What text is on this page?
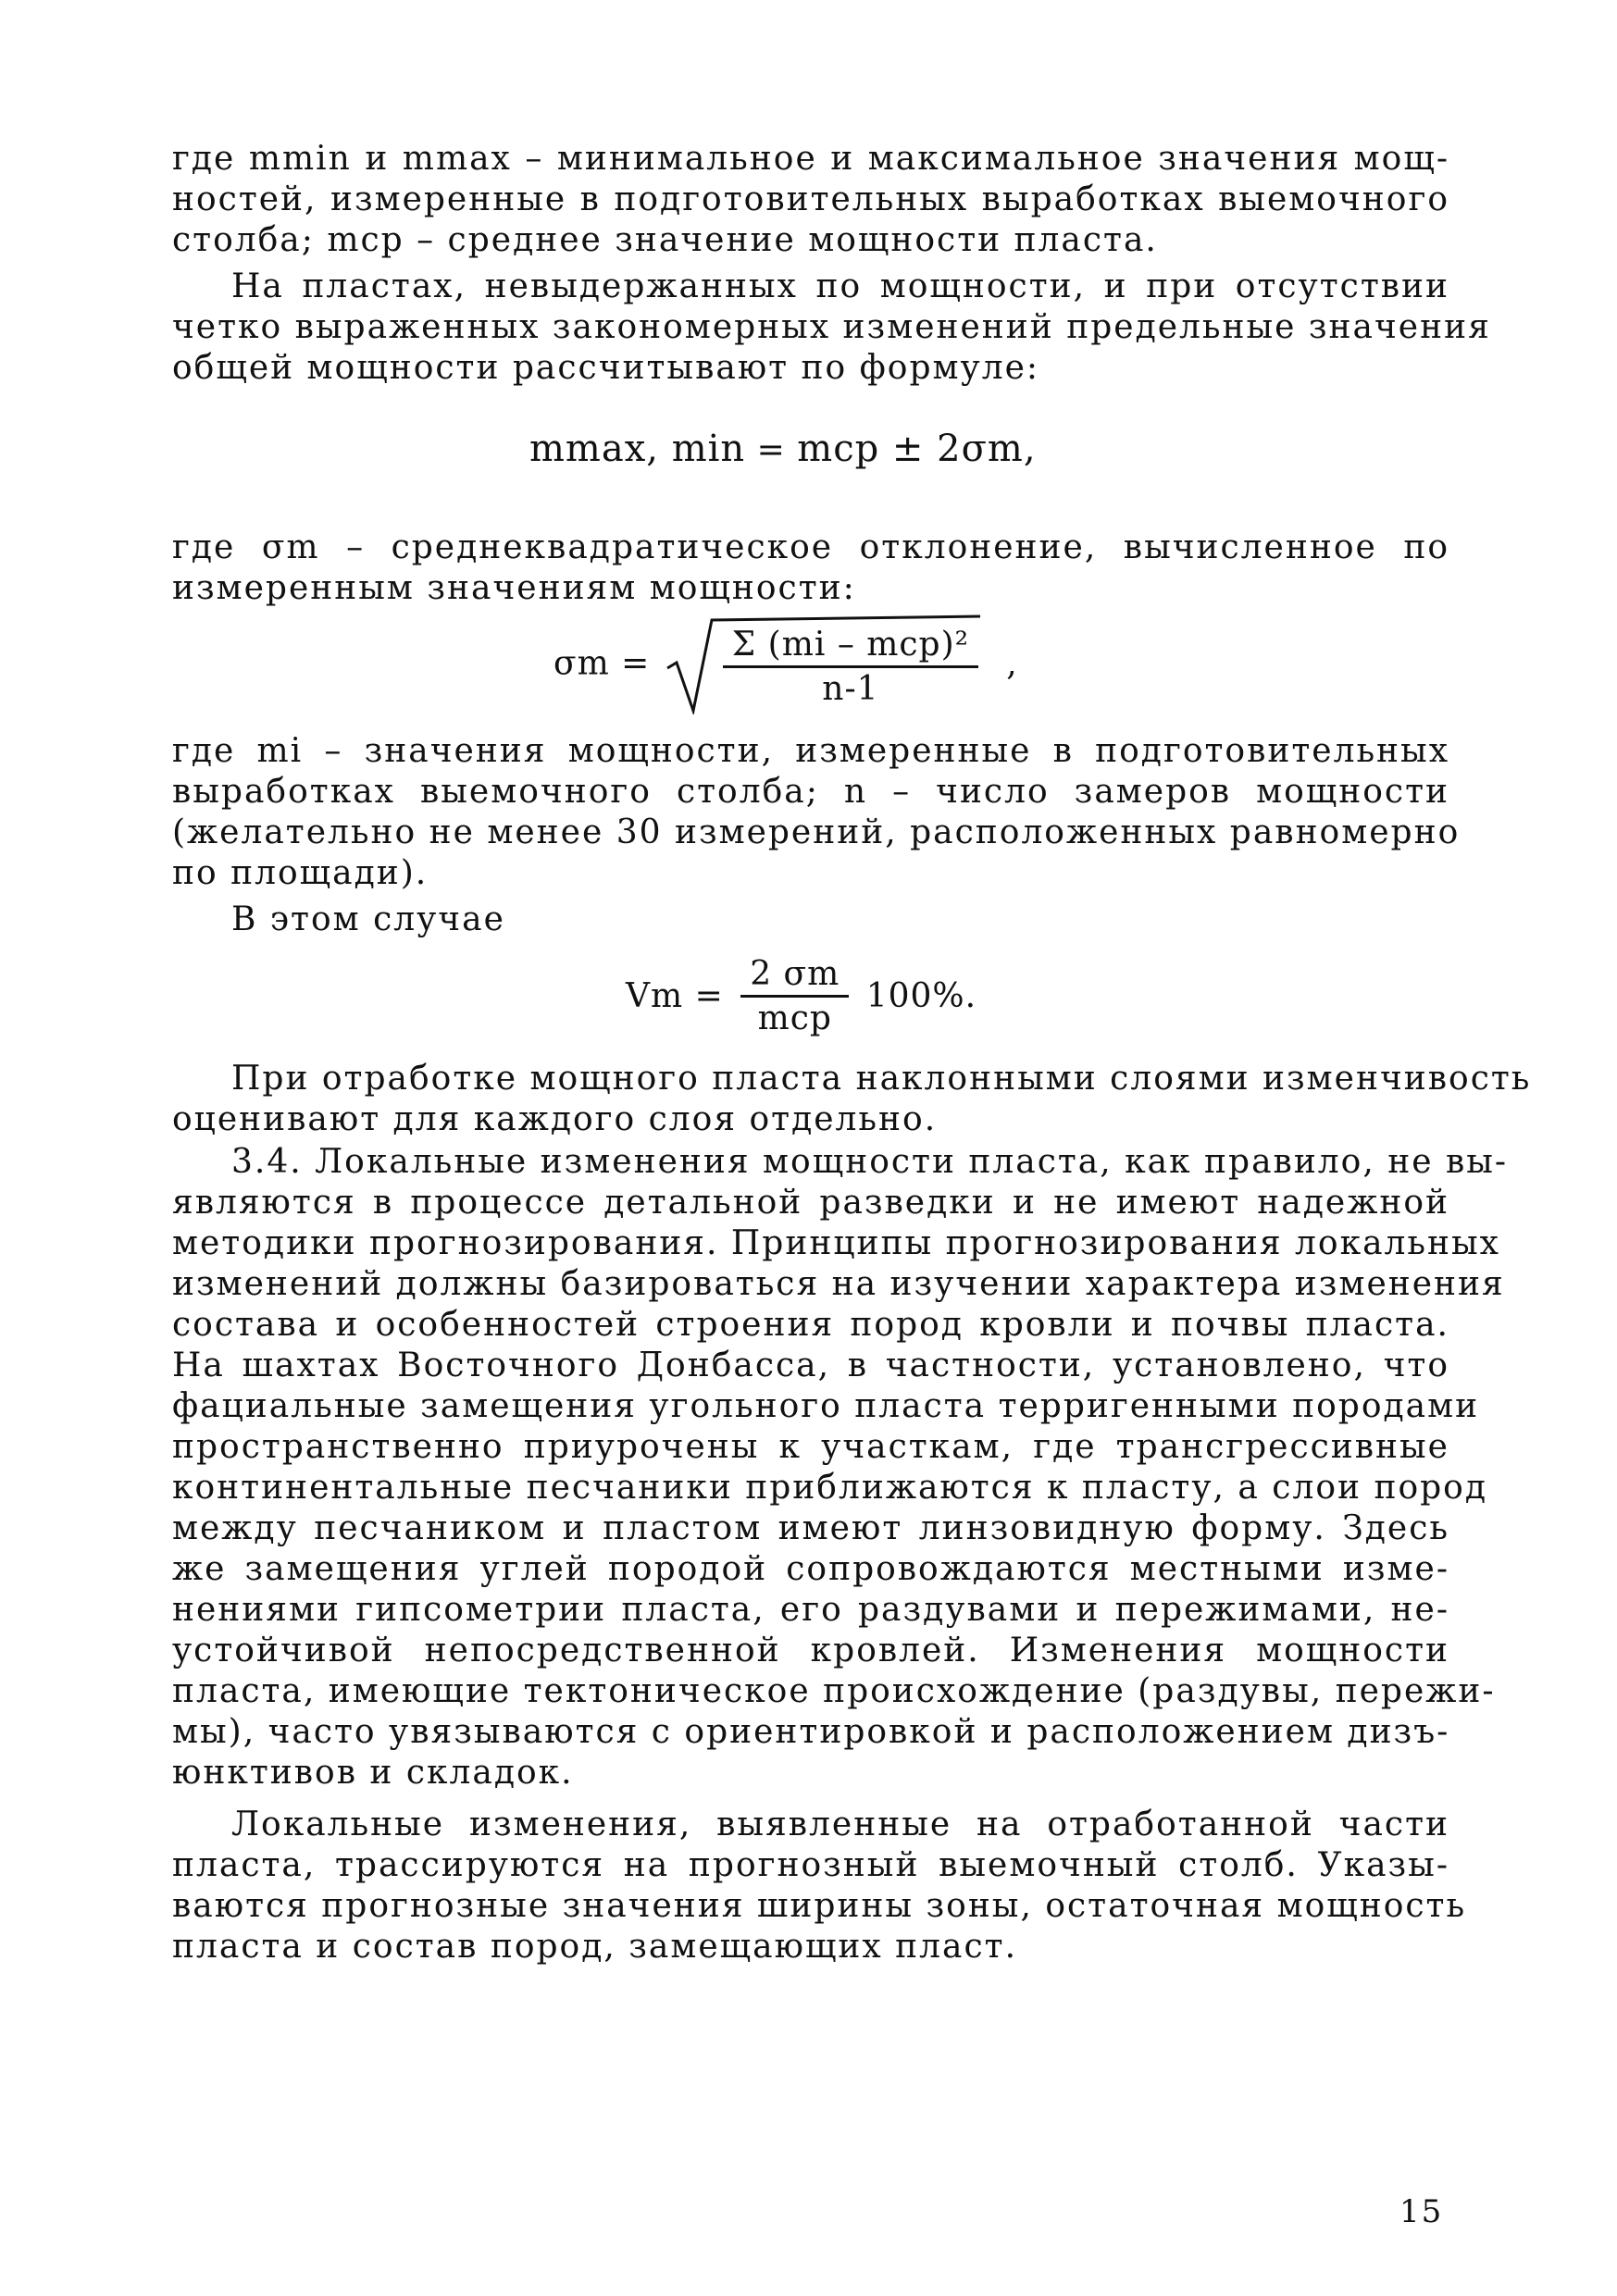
где mmin и mmax – минимальное и максимальное значения мощ-
ностей, измеренные в подготовительных выработках выемочного
столба; mср – среднее значение мощности пласта.
На пластах, невыдержанных по мощности, и при отсутствии
четко выраженных закономерных изменений предельные значения
общей мощности рассчитывают по формуле:
mmax, min = mср ± 2σm,
где σm – среднеквадратическое отклонение, вычисленное по
измеренным значениям мощности:
σm = Σ (mi – mср)²
n-1
,
где mi – значения мощности, измеренные в подготовительных
выработках выемочного столба; n – число замеров мощности
(желательно не менее 30 измерений, расположенных равномерно
по площади).
В этом случае
$Vm = \frac{2 \sigma m}{\text{mср}} 100\%$.
При отработке мощного пласта наклонными слоями изменчивость
оценивают для каждого слоя отдельно.
3.4. Локальные изменения мощности пласта, как правило, не вы-
являются в процессе детальной разведки и не имеют надежной
методики прогнозирования. Принципы прогнозирования локальных
изменений должны базироваться на изучении характера изменения
состава и особенностей строения пород кровли и почвы пласта.
На шахтах Восточного Донбасса, в частности, установлено, что
фациальные замещения угольного пласта терригенными породами
пространственно приурочены к участкам, где трансгрессивные
континентальные песчаники приближаются к пласту, а слои пород
между песчаником и пластом имеют линзовидную форму. Здесь
же замещения углей породой сопровождаются местными изме-
нениями гипсометрии пласта, его раздувами и пережимами, не-
устойчивой непосредственной кровлей. Изменения мощности
пласта, имеющие тектоническое происхождение (раздувы, пережи-
мы), часто увязываются с ориентировкой и расположением дизъ-
юнктивов и складок.
Локальные изменения, выявленные на отработанной части
пласта, трассируются на прогнозный выемочный столб. Указы-
ваются прогнозные значения ширины зоны, остаточная мощность
пласта и состав пород, замещающих пласт.
15
